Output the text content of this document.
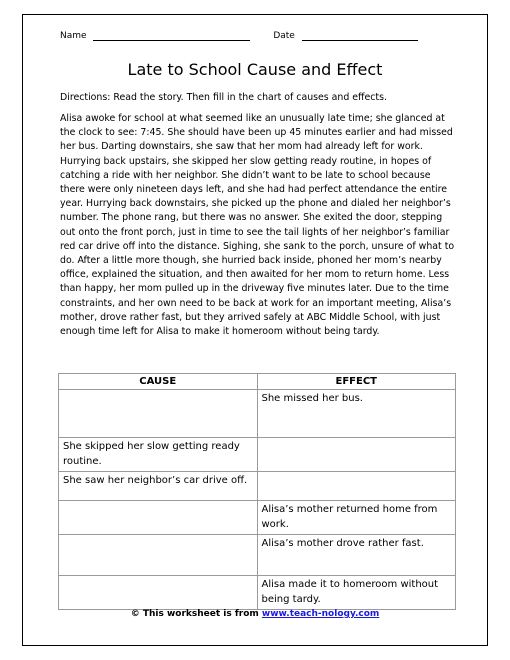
Name	Date
Late to School Cause and Effect
Directions: Read the story. Then fill in the chart of causes and effects.
Alisa awoke for school at what seemed like an unusually late time; she glanced at the clock to see: 7:45. She should have been up 45 minutes earlier and had missed her bus. Darting downstairs, she saw that her mom had already left for work. Hurrying back upstairs, she skipped her slow getting ready routine, in hopes of catching a ride with her neighbor. She didn’t want to be late to school because there were only nineteen days left, and she had had perfect attendance the entire year. Hurrying back downstairs, she picked up the phone and dialed her neighbor’s number. The phone rang, but there was no answer. She exited the door, stepping out onto the front porch, just in time to see the tail lights of her neighbor’s familiar red car drive off into the distance. Sighing, she sank to the porch, unsure of what to do. After a little more though, she hurried back inside, phoned her mom’s nearby office, explained the situation, and then awaited for her mom to return home. Less than happy, her mom pulled up in the driveway five minutes later. Due to the time constraints, and her own need to be back at work for an important meeting, Alisa’s mother, drove rather fast, but they arrived safely at ABC Middle School, with just enough time left for Alisa to make it homeroom without being tardy.
CAUSE	EFFECT
	She missed her bus.
She skipped her slow getting ready routine.	
She saw her neighbor’s car drive off.	
	Alisa’s mother returned home from work.
	Alisa’s mother drove rather fast.
	Alisa made it to homeroom without being tardy.
© This worksheet is from www.teach-nology.com
